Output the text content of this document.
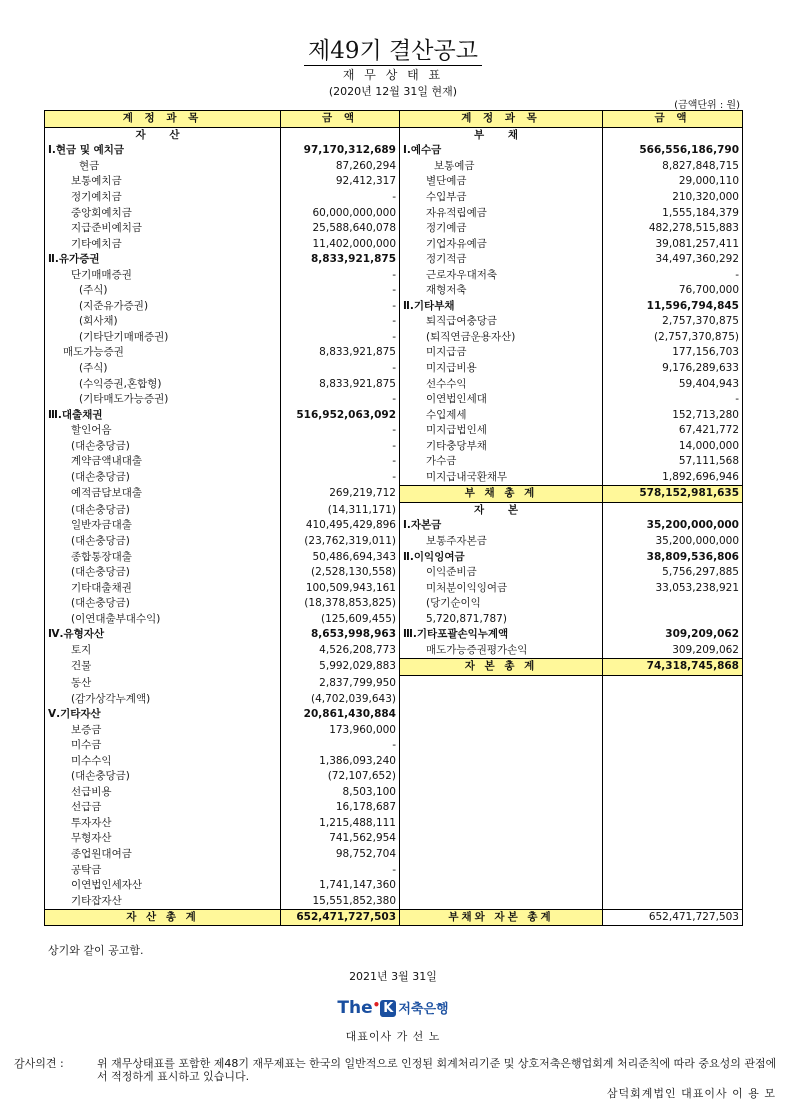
제49기 결산공고
재 무 상 태 표
(2020년 12월 31일 현재)
(금액단위 : 원)
계 정 과 목	금 액	계 정 과 목	금 액
자 산		부 채	
Ⅰ.현금 및 예치금	97,170,312,689	Ⅰ.예수금	566,556,186,790
현금	87,260,294	보통예금	8,827,848,715
보통예치금	92,412,317	별단예금	29,000,110
정기예치금	-	수입부금	210,320,000
중앙회예치금	60,000,000,000	자유적립예금	1,555,184,379
지급준비예치금	25,588,640,078	정기예금	482,278,515,883
기타예치금	11,402,000,000	기업자유예금	39,081,257,411
Ⅱ.유가증권	8,833,921,875	정기적금	34,497,360,292
단기매매증권	-	근로자우대저축	-
(주식)	-	재형저축	76,700,000
(지준유가증권)	-	Ⅱ.기타부채	11,596,794,845
(회사채)	-	퇴직급여충당금	2,757,370,875
(기타단기매매증권)	-	(퇴직연금운용자산)	(2,757,370,875)
매도가능증권	8,833,921,875	미지급금	177,156,703
(주식)	-	미지급비용	9,176,289,633
(수익증권,혼합형)	8,833,921,875	선수수익	59,404,943
(기타매도가능증권)	-	이연법인세대	-
Ⅲ.대출채권	516,952,063,092	수입제세	152,713,280
할인어음	-	미지급법인세	67,421,772
(대손충당금)	-	기타충당부채	14,000,000
계약금액내대출	-	가수금	57,111,568
(대손충당금)	-	미지급내국환채무	1,892,696,946
예적금담보대출	269,219,712	부 채 총 계	578,152,981,635
(대손충당금)	(14,311,171)	자 본	
일반자금대출	410,495,429,896	Ⅰ.자본금	35,200,000,000
(대손충당금)	(23,762,319,011)	보통주자본금	35,200,000,000
종합통장대출	50,486,694,343	Ⅱ.이익잉여금	38,809,536,806
(대손충당금)	(2,528,130,558)	이익준비금	5,756,297,885
기타대출채권	100,509,943,161	미처분이익잉여금	33,053,238,921
(대손충당금)	(18,378,853,825)	(당기순이익	
(이연대출부대수익)	(125,609,455)	5,720,871,787)	
Ⅳ.유형자산	8,653,998,963	Ⅲ.기타포괄손익누계액	309,209,062
토지	4,526,208,773	매도가능증권평가손익	309,209,062
건물	5,992,029,883	자 본 총 계	74,318,745,868
동산	2,837,799,950		
(감가상각누계액)	(4,702,039,643)		
Ⅴ.기타자산	20,861,430,884		
보증금	173,960,000		
미수금	-		
미수수익	1,386,093,240		
(대손충당금)	(72,107,652)		
선급비용	8,503,100		
선급금	16,178,687		
투자자산	1,215,488,111		
무형자산	741,562,954		
종업원대여금	98,752,704		
공탁금	-		
이연법인세자산	1,741,147,360		
기타잡자산	15,551,852,380		
자 산 총 계	652,471,727,503	부채와 자본 총계	652,471,727,503
상기와 같이 공고함.
2021년 3월 31일
The• K 저축은행
대표이사 가 선 노
감사의견 :	위 재무상태표를 포함한 제48기 재무제표는 한국의 일반적으로 인정된 회계처리기준 및 상호저축은행업회계 처리준칙에 따라 중요성의 관점에서 적정하게 표시하고 있습니다.
삼덕회계법인 대표이사 이 용 모
